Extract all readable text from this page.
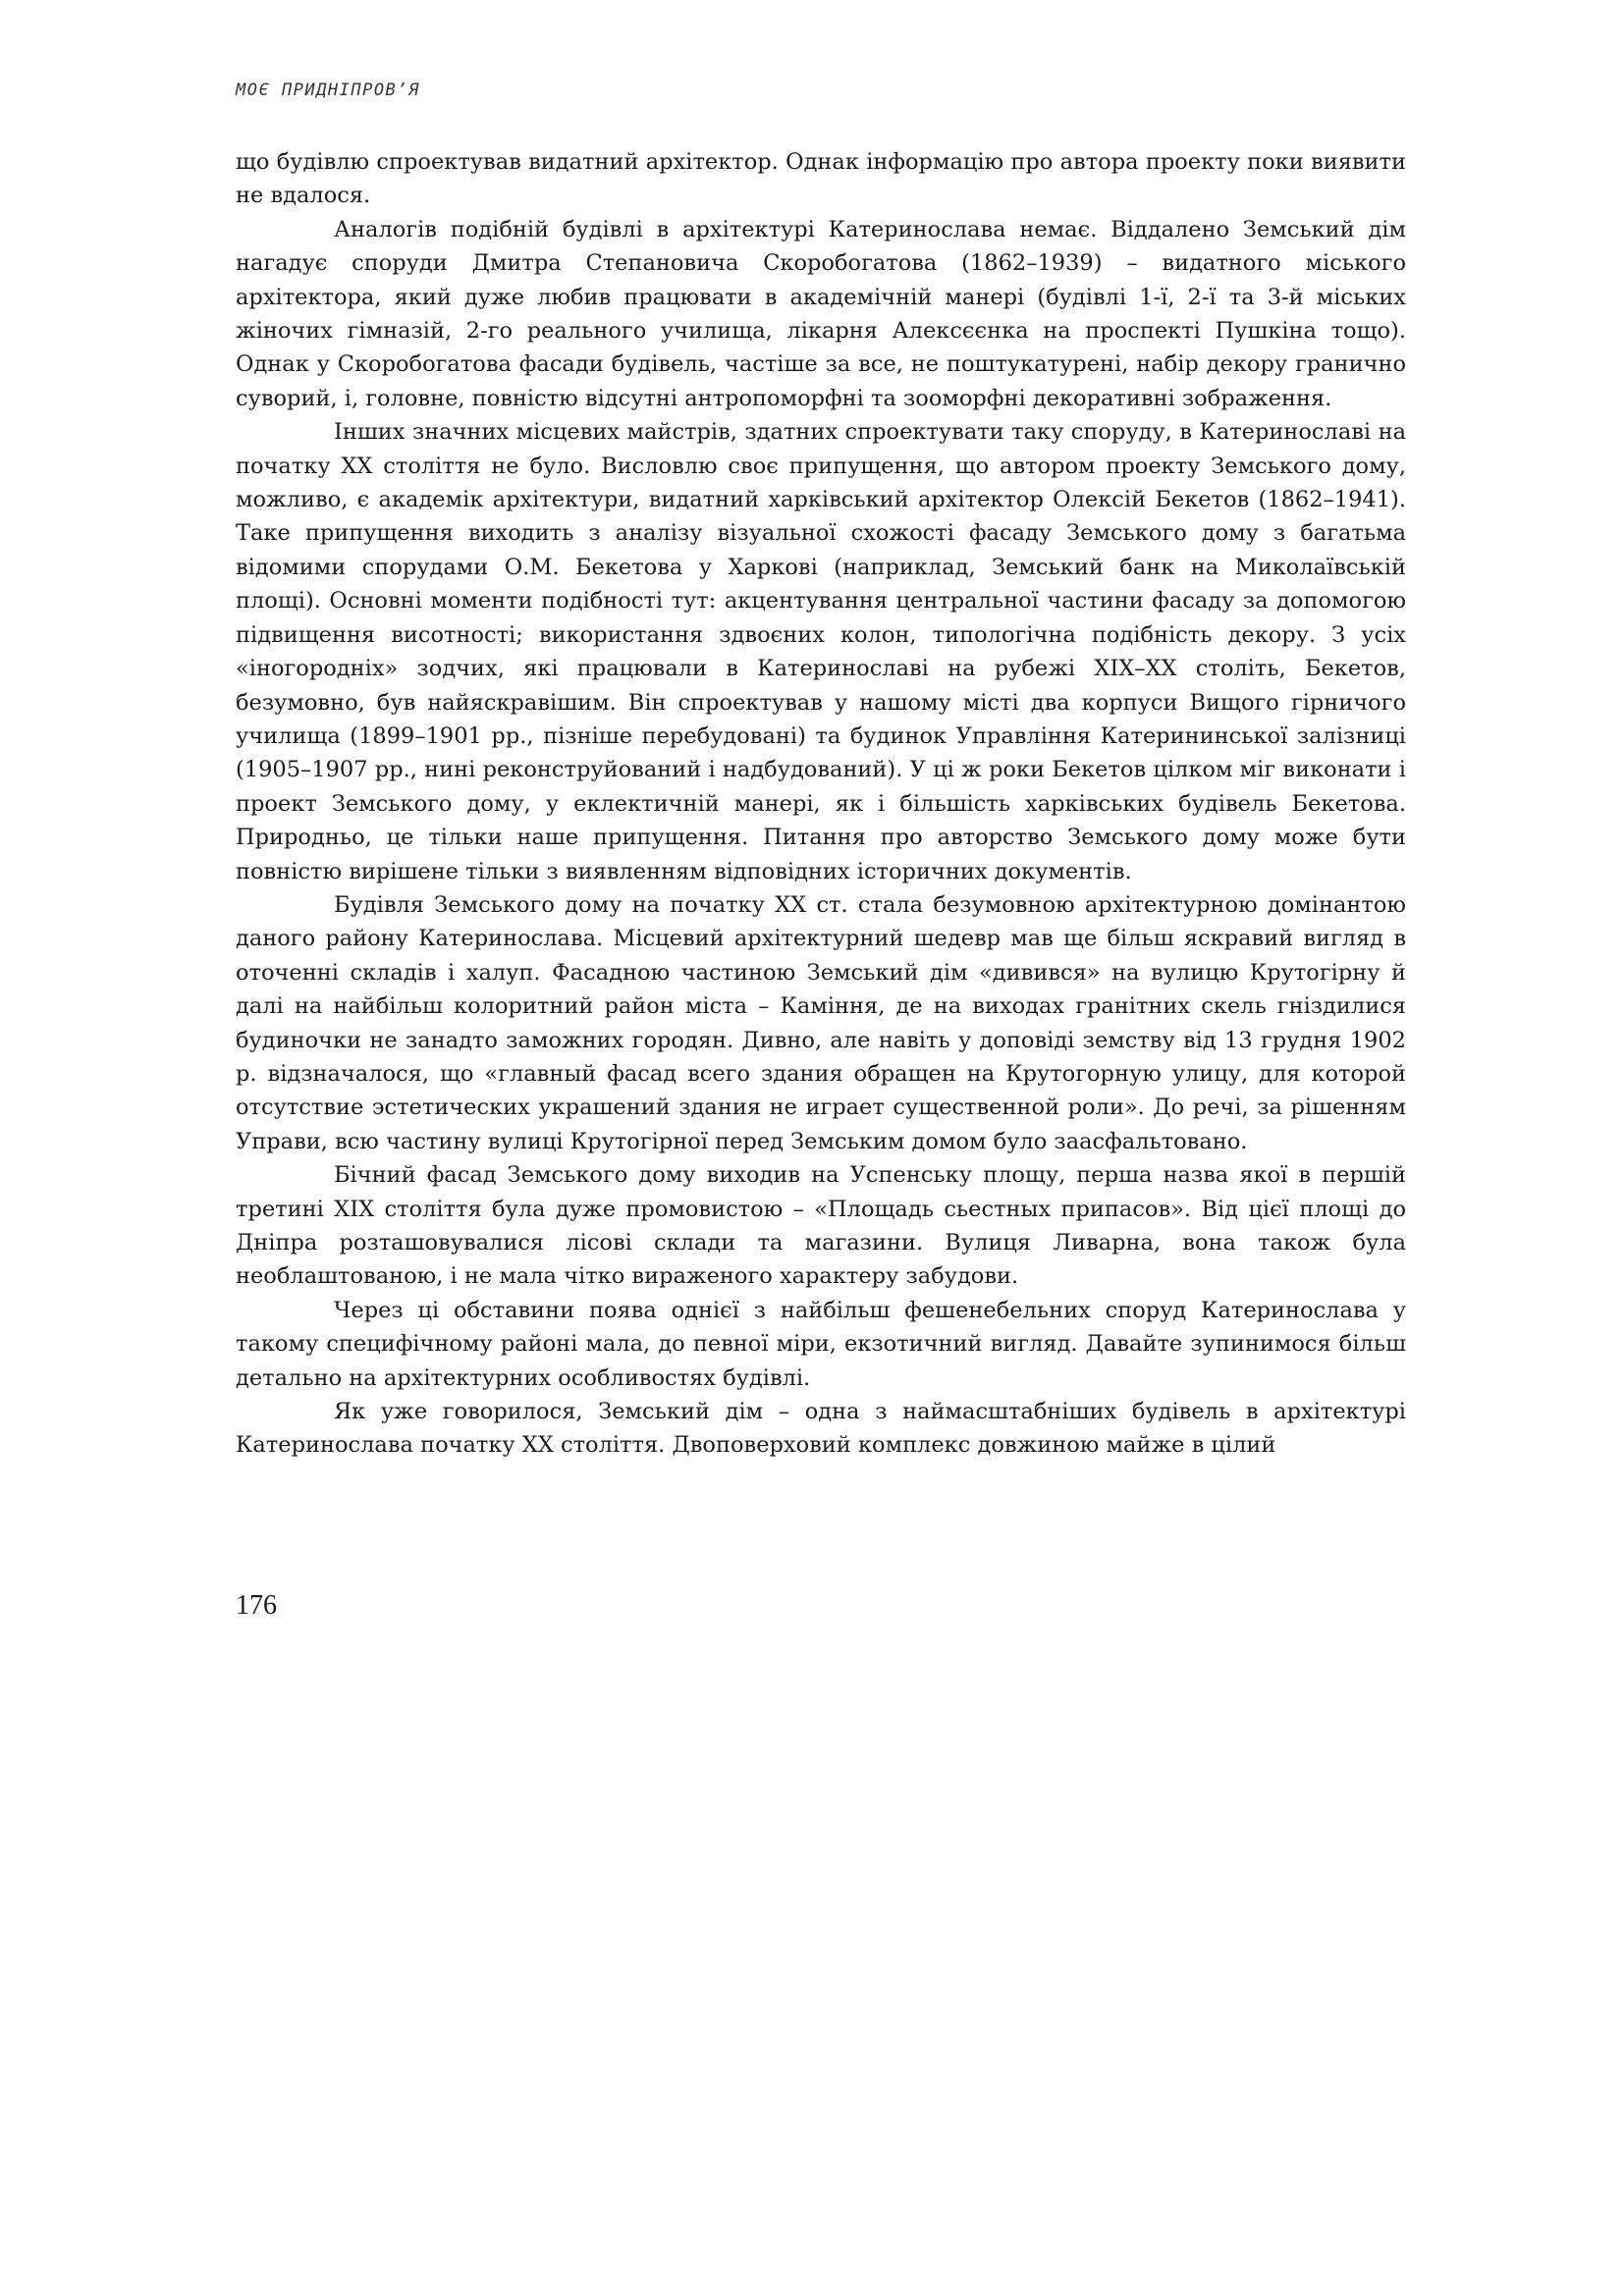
МОЄ ПРИДНІПРОВ’Я

що будівлю спроектував видатний архітектор. Однак інформацію про автора проекту поки виявити не вдалося.

Аналогів подібній будівлі в архітектурі Катеринослава немає. Віддалено Земський дім нагадує споруди Дмитра Степановича Скоробогатова (1862–1939) – видатного міського архітектора, який дуже любив працювати в академічній манері (будівлі 1-ї, 2-ї та 3-й міських жіночих гімназій, 2-го реального училища, лікарня Алексєєнка на проспекті Пушкіна тощо). Однак у Скоробогатова фасади будівель, частіше за все, не поштукатурені, набір декору гранично суворий, і, головне, повністю відсутні антропоморфні та зооморфні декоративні зображення.

Інших значних місцевих майстрів, здатних спроектувати таку споруду, в Катеринославі на початку ХХ століття не було. Висловлю своє припущення, що автором проекту Земського дому, можливо, є академік архітектури, видатний харківський архітектор Олексій Бекетов (1862–1941). Таке припущення виходить з аналізу візуальної схожості фасаду Земського дому з багатьма відомими спорудами О.М. Бекетова у Харкові (наприклад, Земський банк на Миколаївській площі). Основні моменти подібності тут: акцентування центральної частини фасаду за допомогою підвищення висотності; використання здвоєних колон, типологічна подібність декору. З усіх «іногородніх» зодчих, які працювали в Катеринославі на рубежі ХІХ–ХХ століть, Бекетов, безумовно, був найяскравішим. Він спроектував у нашому місті два корпуси Вищого гірничого училища (1899–1901 рр., пізніше перебудовані) та будинок Управління Катерининської залізниці (1905–1907 рр., нині реконструйований і надбудований). У ці ж роки Бекетов цілком міг виконати і проект Земського дому, у еклектичній манері, як і більшість харківських будівель Бекетова. Природньо, це тільки наше припущення. Питання про авторство Земського дому може бути повністю вирішене тільки з виявленням відповідних історичних документів.

Будівля Земського дому на початку ХХ ст. стала безумовною архітектурною домінантою даного району Катеринослава. Місцевий архітектурний шедевр мав ще більш яскравий вигляд в оточенні складів і халуп. Фасадною частиною Земський дім «дивився» на вулицю Крутогірну й далі на найбільш колоритний район міста – Каміння, де на виходах гранітних скель гніздилися будиночки не занадто заможних городян. Дивно, але навіть у доповіді земству від 13 грудня 1902 р. відзначалося, що «главный фасад всего здания обращен на Крутогорную улицу, для которой отсутствие эстетических украшений здания не играет существенной роли». До речі, за рішенням Управи, всю частину вулиці Крутогірної перед Земським домом було заасфальтовано.

Бічний фасад Земського дому виходив на Успенську площу, перша назва якої в першій третині ХІХ століття була дуже промовистою – «Площадь сьестных припасов». Від цієї площі до Дніпра розташовувалися лісові склади та магазини. Вулиця Ливарна, вона також була необлаштованою, і не мала чітко вираженого характеру забудови.

Через ці обставини поява однієї з найбільш фешенебельних споруд Катеринослава у такому специфічному районі мала, до певної міри, екзотичний вигляд. Давайте зупинимося більш детально на архітектурних особливостях будівлі.

Як уже говорилося, Земський дім – одна з наймасштабніших будівель в архітектурі Катеринослава початку ХХ століття. Двоповерховий комплекс довжиною майже в цілий

176
